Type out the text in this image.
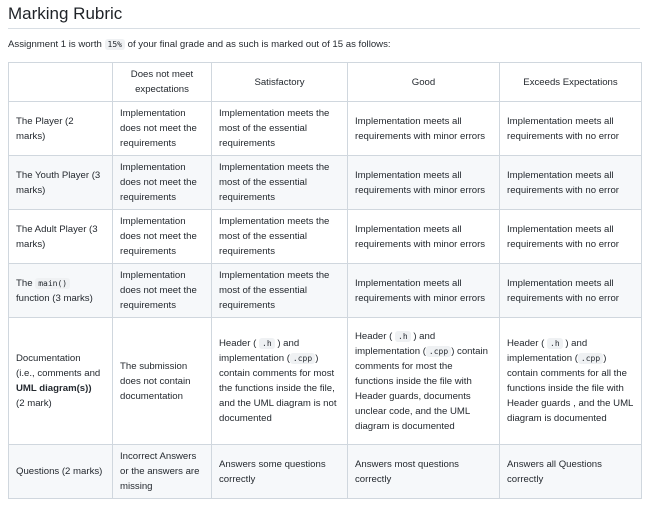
Marking Rubric
Assignment 1 is worth 15% of your final grade and as such is marked out of 15 as follows:
	Does not meet expectations	Satisfactory	Good	Exceeds Expectations
The Player (2 marks)	Implementation does not meet the requirements	Implementation meets the most of the essential requirements	Implementation meets all requirements with minor errors	Implementation meets all requirements with no error
The Youth Player (3 marks)	Implementation does not meet the requirements	Implementation meets the most of the essential requirements	Implementation meets all requirements with minor errors	Implementation meets all requirements with no error
The Adult Player (3 marks)	Implementation does not meet the requirements	Implementation meets the most of the essential requirements	Implementation meets all requirements with minor errors	Implementation meets all requirements with no error
The main() function (3 marks)	Implementation does not meet the requirements	Implementation meets the most of the essential requirements	Implementation meets all requirements with minor errors	Implementation meets all requirements with no error
Documentation
(i.e., comments and
UML diagram(s))
(2 mark)	The submission does not contain documentation	Header ( .h ) and implementation ( .cpp ) contain comments for most the functions inside the file, and the UML diagram is not documented	Header ( .h ) and implementation ( .cpp ) contain comments for most the functions inside the file with Header guards, documents unclear code, and the UML diagram is documented	Header ( .h ) and implementation ( .cpp ) contain comments for all the functions inside the file with Header guards , and the UML diagram is documented
Questions (2 marks)	Incorrect Answers or the answers are missing	Answers some questions correctly	Answers most questions correctly	Answers all Questions correctly
